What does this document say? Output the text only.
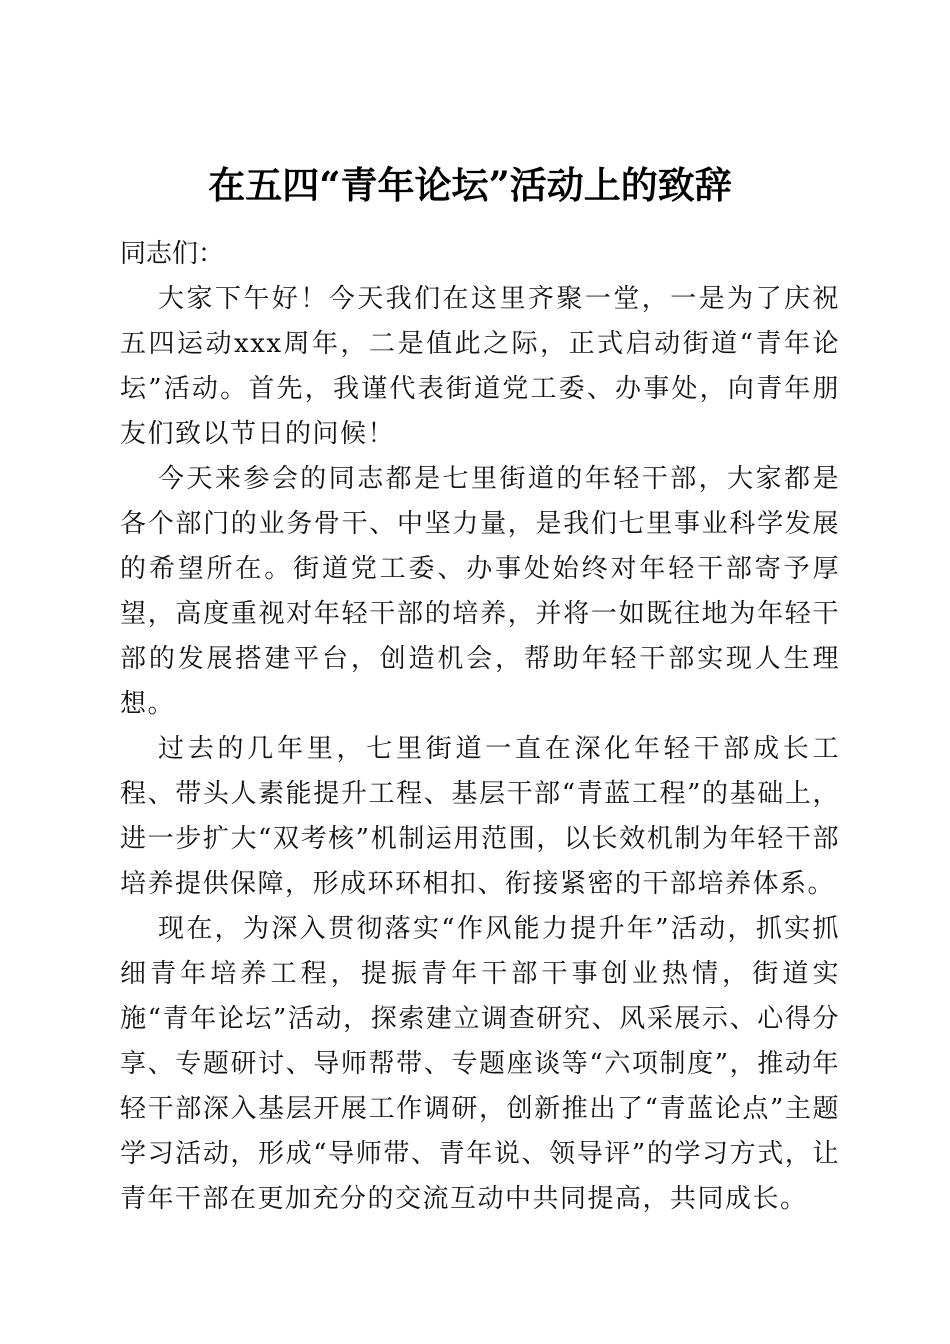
在五四“青年论坛”活动上的致辞

同志们：

大家下午好！今天我们在这里齐聚一堂，一是为了庆祝五四运动xxx周年，二是值此之际，正式启动街道“青年论坛”活动。首先，我谨代表街道党工委、办事处，向青年朋友们致以节日的问候！

今天来参会的同志都是七里街道的年轻干部，大家都是各个部门的业务骨干、中坚力量，是我们七里事业科学发展的希望所在。街道党工委、办事处始终对年轻干部寄予厚望，高度重视对年轻干部的培养，并将一如既往地为年轻干部的发展搭建平台，创造机会，帮助年轻干部实现人生理想。

过去的几年里，七里街道一直在深化年轻干部成长工程、带头人素能提升工程、基层干部“青蓝工程”的基础上，进一步扩大“双考核”机制运用范围，以长效机制为年轻干部培养提供保障，形成环环相扣、衔接紧密的干部培养体系。

现在，为深入贯彻落实“作风能力提升年”活动，抓实抓细青年培养工程，提振青年干部干事创业热情，街道实施“青年论坛”活动，探索建立调查研究、风采展示、心得分享、专题研讨、导师帮带、专题座谈等“六项制度”，推动年轻干部深入基层开展工作调研，创新推出了“青蓝论点”主题学习活动，形成“导师带、青年说、领导评”的学习方式，让青年干部在更加充分的交流互动中共同提高，共同成长。
